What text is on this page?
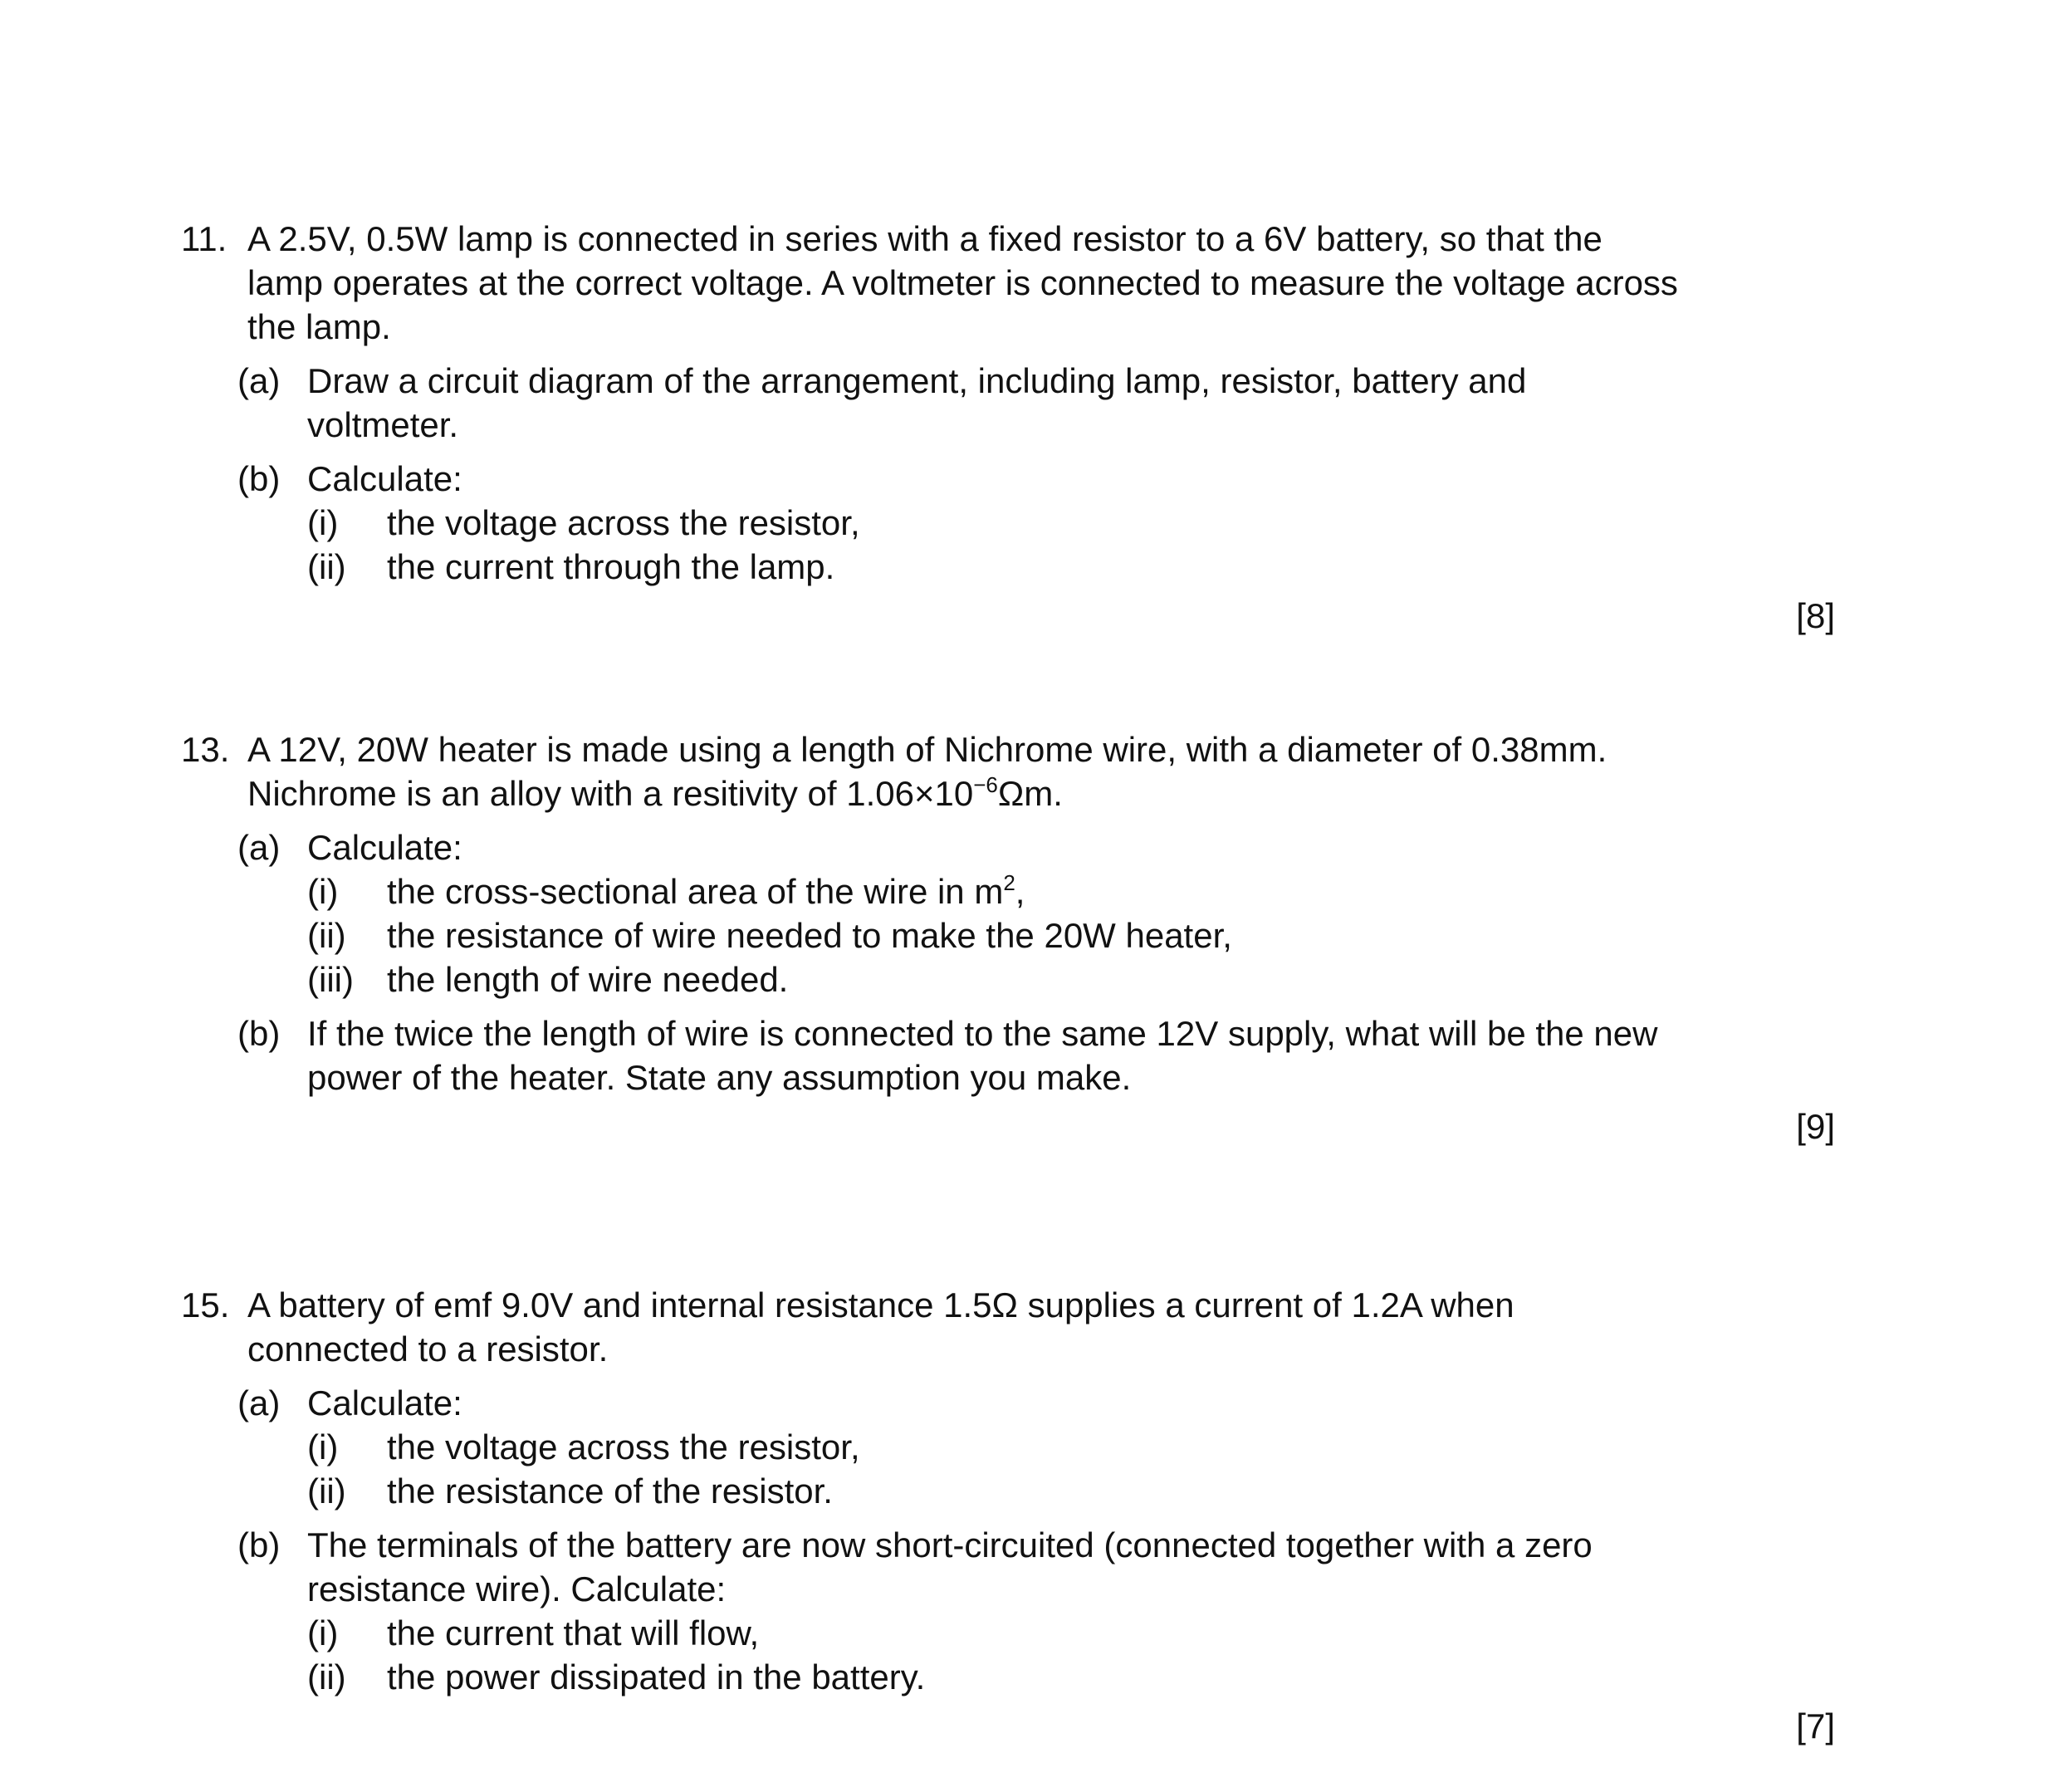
11. A 2.5V, 0.5W lamp is connected in series with a fixed resistor to a 6V battery, so that the
lamp operates at the correct voltage. A voltmeter is connected to measure the voltage across
the lamp.
(a) Draw a circuit diagram of the arrangement, including lamp, resistor, battery and
voltmeter.
(b) Calculate:
(i) the voltage across the resistor,
(ii) the current through the lamp.
[8]
13. A 12V, 20W heater is made using a length of Nichrome wire, with a diameter of 0.38mm.
Nichrome is an alloy with a resitivity of $1.06\times 10^{-6}\Omega m$.
(a) Calculate:
(i) the cross-sectional area of the wire in $m^2$,
(ii) the resistance of wire needed to make the 20W heater,
(iii) the length of wire needed.
(b) If the twice the length of wire is connected to the same 12V supply, what will be the new
power of the heater. State any assumption you make.
[9]
15. A battery of emf 9.0V and internal resistance 1.5Ω supplies a current of 1.2A when
connected to a resistor.
(a) Calculate:
(i) the voltage across the resistor,
(ii) the resistance of the resistor.
(b) The terminals of the battery are now short-circuited (connected together with a zero
resistance wire). Calculate:
(i) the current that will flow,
(ii) the power dissipated in the battery.
[7]
